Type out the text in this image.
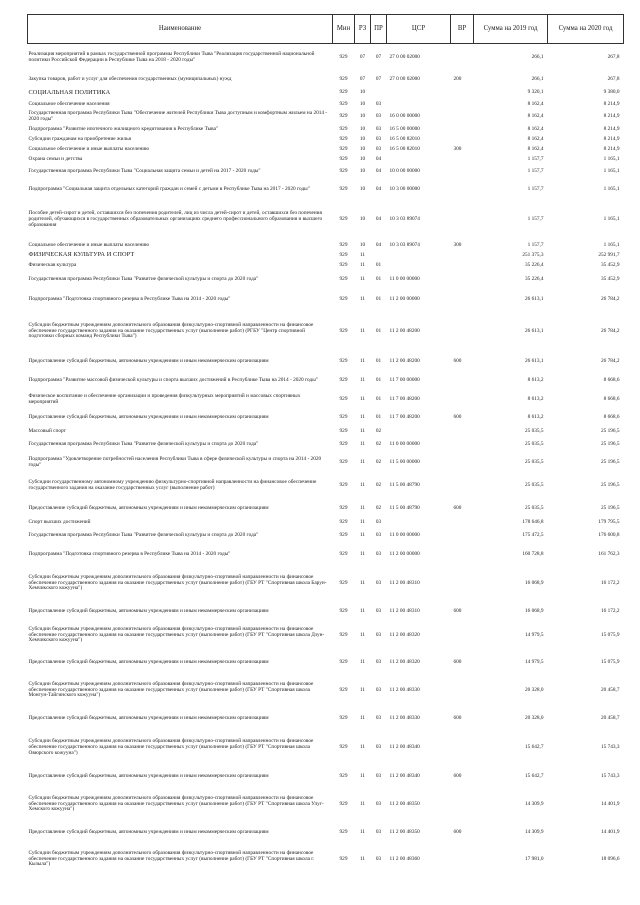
Наименование	Мин	РЗ	ПР	ЦСР	ВР	Сумма на 2019 год	Сумма на 2020 год
Реализация мероприятий в рамках государственной программы Республики Тыва "Реализация государственной национальной политики Российской Федерации в Республике Тыва на 2018 - 2020 годы"	929	07	07	27 0 00 02000		266,1	267,8
Закупка товаров, работ и услуг для обеспечения государственных (муниципальных) нужд	929	07	07	27 0 00 02000	200	266,1	267,8
СОЦИАЛЬНАЯ ПОЛИТИКА	929	10				9 320,1	9 380,0
Социальное обеспечение населения	929	10	03			8 162,4	8 214,9
Государственная программа Республики Тыва "Обеспечение жителей Республики Тыва доступным и комфортным жильем на 2014 - 2020 годы"	929	10	03	16 0 00 00000		8 162,4	8 214,9
Подпрограмма "Развитие ипотечного жилищного кредитования в Республике Тыва"	929	10	03	16 5 00 00000		8 162,4	8 214,9
Субсидии гражданам на приобретение жилья	929	10	03	16 5 00 82010		8 162,4	8 214,9
Социальное обеспечение и иные выплаты населению	929	10	03	16 5 00 82010	300	8 162,4	8 214,9
Охрана семьи и детства	929	10	04			1 157,7	1 165,1
Государственная программа Республики Тыва "Социальная защита семьи и детей на 2017 - 2020 годы"	929	10	04	10 0 00 00000		1 157,7	1 165,1
Подпрограмма "Социальная защита отдельных категорий граждан и семей с детьми в Республике Тыва на 2017 - 2020 годы"	929	10	04	10 3 00 00000		1 157,7	1 165,1
Пособие детей-сирот и детей, оставшихся без попечения родителей, лиц из числа детей-сирот и детей, оставшихся без попечения родителей, обучающихся в государственных образовательных организациях среднего профессионального образования и высшего образования	929	10	04	10 3 03 89074		1 157,7	1 165,1
Социальное обеспечение и иные выплаты населению	929	10	04	10 3 03 89074	300	1 157,7	1 165,1
ФИЗИЧЕСКАЯ КУЛЬТУРА И СПОРТ	929	11				251 375,3	252 991,7
Физическая культура	929	11	01			35 226,4	35 452,9
Государственная программа Республики Тыва "Развитие физической культуры и спорта до 2020 года"	929	11	01	11 0 00 00000		35 226,4	35 452,9
Подпрограмма "Подготовка спортивного резерва в Республике Тыва на 2014 - 2020 годы"	929	11	01	11 2 00 00000		26 613,1	26 784,2
Субсидии бюджетным учреждениям дополнительного образования физкультурно-спортивной направленности на финансовое обеспечение государственного задания на оказание государственных услуг (выполнение работ) (РГБУ "Центр спортивной подготовки сборных команд Республики Тыва")	929	11	01	11 2 00 48200		26 613,1	26 784,2
Предоставление субсидий бюджетным, автономным учреждениям и иным некоммерческим организациям	929	11	01	11 2 00 48200	600	26 613,1	26 784,2
Подпрограмма "Развитие массовой физической культуры и спорта высших достижений в Республике Тыва на 2014 - 2020 годы"	929	11	01	11 7 00 00000		8 613,2	8 668,6
Физическое воспитание и обеспечение организации и проведения физкультурных мероприятий и массовых спортивных мероприятий	929	11	01	11 7 00 48200		8 613,2	8 668,6
Предоставление субсидий бюджетным, автономным учреждениям и иным некоммерческим организациям	929	11	01	11 7 00 48200	600	8 613,2	8 668,6
Массовый спорт	929	11	02			25 035,5	25 196,5
Государственная программа Республики Тыва "Развитие физической культуры и спорта до 2020 года"	929	11	02	11 0 00 00000		25 035,5	25 196,5
Подпрограмма "Удовлетворение потребностей населения Республики Тыва в сфере физической культуры и спорта на 2014 - 2020 годы"	929	11	02	11 5 00 00000		25 035,5	25 196,5
Субсидии государственному автономному учреждению физкультурно-спортивной направленности на финансовое обеспечение государственного задания на оказание государственных услуг (выполнение работ)	929	11	02	11 5 00 48790		25 035,5	25 196,5
Предоставление субсидий бюджетным, автономным учреждениям и иным некоммерческим организациям	929	11	02	11 5 00 48790	600	25 035,5	25 196,5
Спорт высших достижений	929	11	03			178 646,8	179 795,5
Государственная программа Республики Тыва "Развитие физической культуры и спорта до 2020 года"	929	11	03	11 0 00 00000		175 472,5	176 600,8
Подпрограмма "Подготовка спортивного резерва в Республике Тыва на 2014 - 2020 годы"	929	11	03	11 2 00 00000		160 728,8	161 762,3
Субсидии бюджетным учреждениям дополнительного образования физкультурно-спортивной направленности на финансовое обеспечение государственного задания на оказание государственных услуг (выполнение работ) (ГБУ РТ "Спортивная школа Барун-Хемчикского кожууна")	929	11	03	11 2 00 48310		16 068,9	16 172,2
Предоставление субсидий бюджетным, автономным учреждениям и иным некоммерческим организациям	929	11	03	11 2 00 48310	600	16 068,9	16 172,2
Субсидии бюджетным учреждениям дополнительного образования физкультурно-спортивной направленности на финансовое обеспечение государственного задания на оказание государственных услуг (выполнение работ) (ГБУ РТ "Спортивная школа Дзун-Хемчикского кожууна")	929	11	03	11 2 00 48320		14 979,5	15 075,9
Предоставление субсидий бюджетным, автономным учреждениям и иным некоммерческим организациям	929	11	03	11 2 00 48320	600	14 979,5	15 075,9
Субсидии бюджетным учреждениям дополнительного образования физкультурно-спортивной направленности на финансовое обеспечение государственного задания на оказание государственных услуг (выполнение работ) (ГБУ РТ "Спортивная школа Монгун-Тайгинского кожууна")	929	11	03	11 2 00 48330		20 328,0	20 458,7
Предоставление субсидий бюджетным, автономным учреждениям и иным некоммерческим организациям	929	11	03	11 2 00 48330	600	20 328,0	20 458,7
Субсидии бюджетным учреждениям дополнительного образования физкультурно-спортивной направленности на финансовое обеспечение государственного задания на оказание государственных услуг (выполнение работ) (ГБУ РТ "Спортивная школа Овюрского кожууна")	929	11	03	11 2 00 48340		15 642,7	15 743,3
Предоставление субсидий бюджетным, автономным учреждениям и иным некоммерческим организациям	929	11	03	11 2 00 48340	600	15 642,7	15 743,3
Субсидии бюджетным учреждениям дополнительного образования физкультурно-спортивной направленности на финансовое обеспечение государственного задания на оказание государственных услуг (выполнение работ) (ГБУ РТ "Спортивная школа Улуг-Хемского кожууна")	929	11	03	11 2 00 48350		14 309,9	14 401,9
Предоставление субсидий бюджетным, автономным учреждениям и иным некоммерческим организациям	929	11	03	11 2 00 48350	600	14 309,9	14 401,9
Субсидии бюджетным учреждениям дополнительного образования физкультурно-спортивной направленности на финансовое обеспечение государственного задания на оказание государственных услуг (выполнение работ) (ГБУ РТ "Спортивная школа г. Кызыла")	929	11	03	11 2 00 48360		17 981,0	18 096,6
